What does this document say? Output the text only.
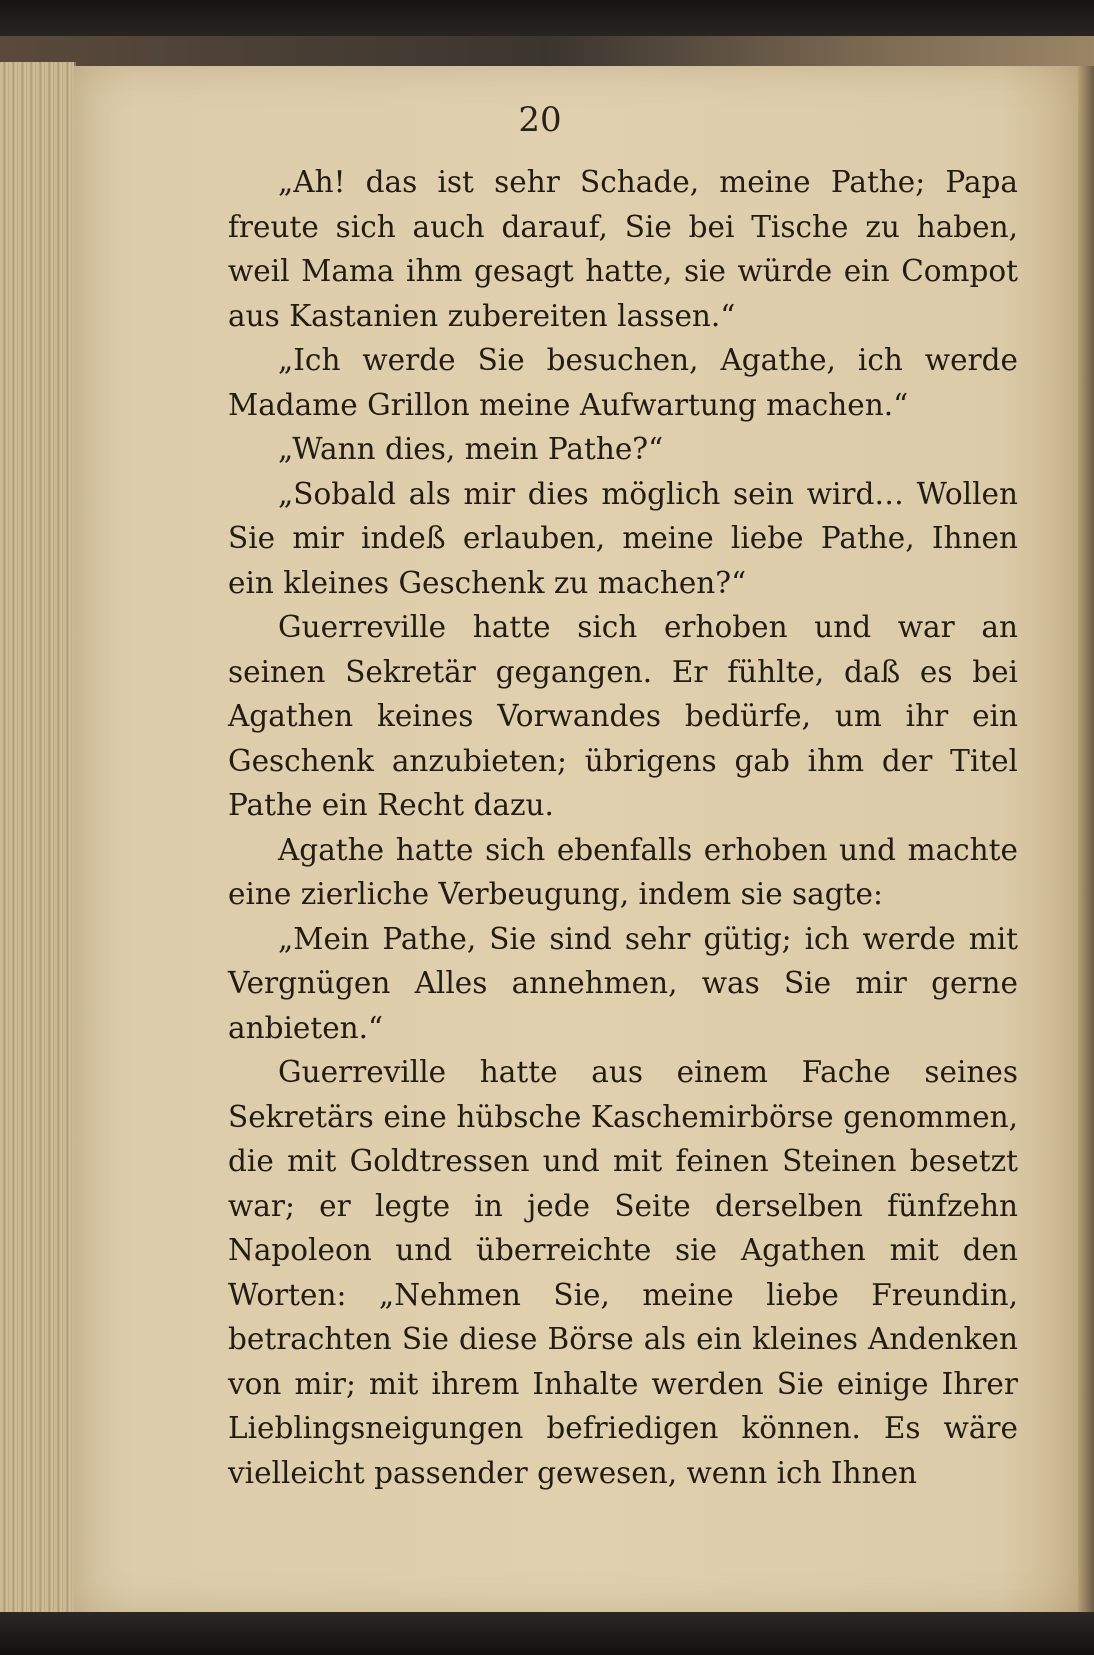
20

„Ah! das ist sehr Schade, meine Pathe; Papa freute sich auch darauf, Sie bei Tische zu haben, weil Mama ihm gesagt hatte, sie würde ein Compot aus Kastanien zubereiten lassen.“

„Ich werde Sie besuchen, Agathe, ich werde Madame Grillon meine Aufwartung machen.“

„Wann dies, mein Pathe?“

„Sobald als mir dies möglich sein wird… Wollen Sie mir indeß erlauben, meine liebe Pathe, Ihnen ein kleines Geschenk zu machen?“

Guerreville hatte sich erhoben und war an seinen Sekretär gegangen. Er fühlte, daß es bei Agathen keines Vorwandes bedürfe, um ihr ein Geschenk anzubieten; übrigens gab ihm der Titel Pathe ein Recht dazu.

Agathe hatte sich ebenfalls erhoben und machte eine zierliche Verbeugung, indem sie sagte:

„Mein Pathe, Sie sind sehr gütig; ich werde mit Vergnügen Alles annehmen, was Sie mir gerne anbieten.“

Guerreville hatte aus einem Fache seines Sekretärs eine hübsche Kaschemirbörse genommen, die mit Goldtressen und mit feinen Steinen besetzt war; er legte in jede Seite derselben fünfzehn Napoleon und überreichte sie Agathen mit den Worten: „Nehmen Sie, meine liebe Freundin, betrachten Sie diese Börse als ein kleines Andenken von mir; mit ihrem Inhalte werden Sie einige Ihrer Lieblingsneigungen befriedigen können. Es wäre vielleicht passender gewesen, wenn ich Ihnen
